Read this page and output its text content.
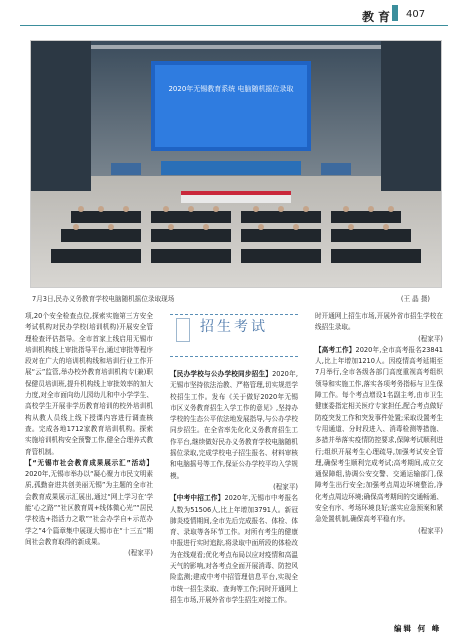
教育 407
2020年无锡教育系统 电脑随机摇位录取
7月3日,民办义务教育学校电脑随机摇位录取现场	(王 晶 摄)

项,20个安全检查点位,探索实施第三方安全考试机构对民办学校(培训机构)开展安全管理检查评估指导。全市首家上线启用无锡市培训机构线上审批指导平台,通过审批等程序段对在广大的培训机构线和培训行业工作开展“云”监管,举办校外教育培训机构专(兼)职保健员培训班,提升机构线上审批效率的加大力度,对全市面向幼儿园幼儿和中小学学生、高校学生开展非学历教育培训的校外培训机构从教人员线上线下授课内容进行调查核查。完成各地1712家教育培训机构。探索实施培训机构安全预警工作,健全合理养式教育管机制。

【“无锡市社会教育成果展示汇”活动】2020年,无锡市举办以“凝心聚力市民文明素质,孤勤奋进共创美丽无锡”为主题的全市社会教育成果展示汇展出,通过“网上学习在‘学能’心之路”“社区教育周+线体微心光”“居民学校选+指活力之歌”“社会办学自+示范办学之”4个篇章集中展现大锡市在“十三五”期间社会教育取得的新成果。

(程家平)

招生考试

【民办学校与公办学校同步招生】2020年,无锡市坚持依法治教、严格管理,切实规范学校招生工作。发布《关于做好2020年无锡市区义务教育招生入学工作的意见》,坚持办学校的生态公平依法地发展指导,与公办学校同步招生。在全省率先化化义务教育招生工作平台,继续做好民办义务教育学校电脑随机摇位录取,完成学校电子招生报名、材料审核和电脑摇号等工作,保证公办学校平均入学规模。

(程家平)

【中考中招工作】2020年,无锡市中考报名人数为51506人,比上年增加3791人。新冠肺炎疫情期间,全市先后完成报名、体检、体育、录取等各环节工作。对所有考生的健康申报进行实时追踪,将录取中面所段的体检改为在线观看;优化考点布局以应对疫情和高温天气的影响,对各考点全面开展消毒、防控风险监测;建成中考中招管理信息平台,实现全市统一招生录取、查询等工作;同时开通网上招生市场,开展外省市学生招生对接工作。

时开通网上招生市场,开展外省市招生学校在线招生录取。

(程家平)

【高考工作】2020年,全市高考报名23841人,比上年增加1210人。因疫情高考延期至7月举行,全市各级各部门高度重视高考组织领导和实施工作,落实各项考务指标与卫生保障工作。每个考点增设1名副主考,由市卫生健康委指定相关医疗专家担任,配合考点做好防疫突发工作和突发事件处置;采取设置考生专用通道、分时段进入、消毒检测等措施、多措并举落实疫情防控要求,保障考试顺利进行;组织开展考生心理疏导,加强考试安全管理,确保考生顺利完成考试;高考期间,成立交通保障组,协调公安交警、交通运输部门,保障考生出行安全;加强考点周边环境整治,净化考点周边环境;确保高考期间的交通畅通、安全有序、考场环境良好;落实应急预案和紧急处置机制,确保高考平稳有序。

(程家平)

编辑 何 峰
